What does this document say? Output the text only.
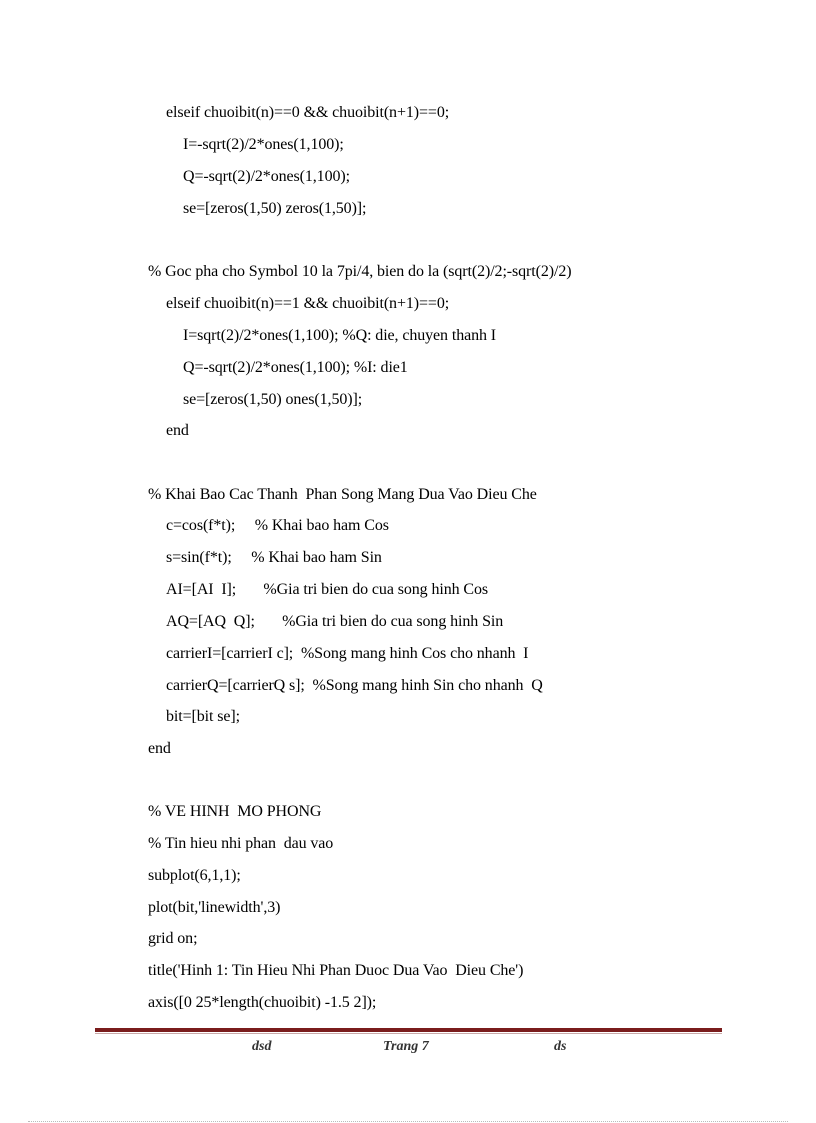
elseif chuoibit(n)==0 && chuoibit(n+1)==0;
I=-sqrt(2)/2*ones(1,100);
Q=-sqrt(2)/2*ones(1,100);
se=[zeros(1,50) zeros(1,50)];
% Goc pha cho Symbol 10 la 7pi/4, bien do la (sqrt(2)/2;-sqrt(2)/2)
elseif chuoibit(n)==1 && chuoibit(n+1)==0;
I=sqrt(2)/2*ones(1,100); %Q: die, chuyen thanh I
Q=-sqrt(2)/2*ones(1,100); %I: die1
se=[zeros(1,50) ones(1,50)];
end
% Khai Bao Cac Thanh  Phan Song Mang Dua Vao Dieu Che
c=cos(f*t);     % Khai bao ham Cos
s=sin(f*t);     % Khai bao ham Sin
AI=[AI  I];       %Gia tri bien do cua song hinh Cos
AQ=[AQ  Q];       %Gia tri bien do cua song hinh Sin
carrierI=[carrierI c];  %Song mang hinh Cos cho nhanh  I
carrierQ=[carrierQ s];  %Song mang hinh Sin cho nhanh  Q
bit=[bit se];
end
% VE HINH  MO PHONG
% Tin hieu nhi phan  dau vao
subplot(6,1,1);
plot(bit,'linewidth',3)
grid on;
title('Hinh 1: Tin Hieu Nhi Phan Duoc Dua Vao  Dieu Che')
axis([0 25*length(chuoibit) -1.5 2]);
dsd	Trang 7	ds
